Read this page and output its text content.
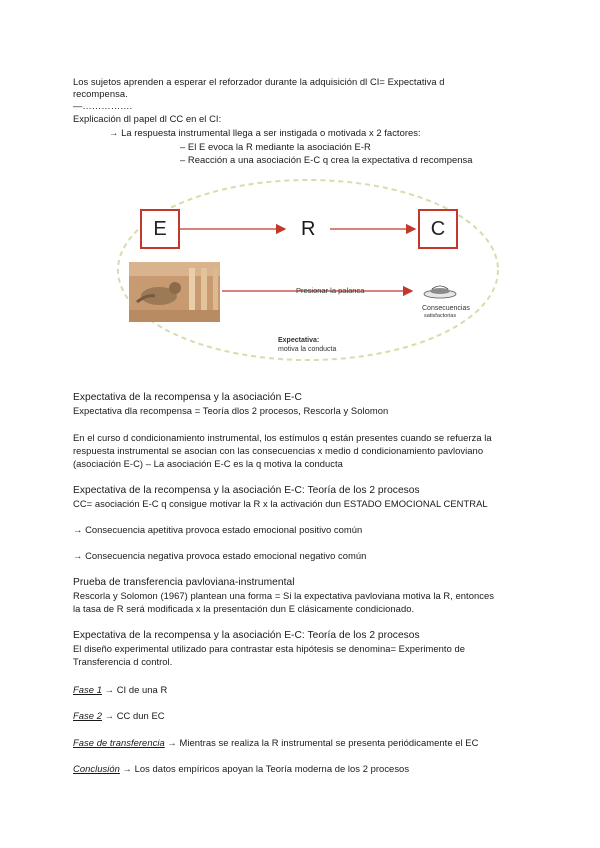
Los sujetos aprenden a esperar el reforzador durante la adquisición dl CI= Expectativa d
recompensa.
—…………….
Explicación dl papel dl CC en el CI:
→ La respuesta instrumental llega a ser instigada o motivada x 2 factores:
– El E evoca la R mediante la asociación E-R
– Reacción a una asociación E-C q crea la expectativa d recompensa
E	R	C
Presionar la palanca
Consecuencias
satisfactorias
Expectativa:
motiva la conducta
Expectativa de la recompensa y la asociación E-C
Expectativa dla recompensa = Teoría dlos 2 procesos, Rescorla y Solomon
En el curso d condicionamiento instrumental, los estímulos q están presentes cuando se refuerza la
respuesta instrumental se asocian con las consecuencias x medio d condicionamiento pavloviano
(asociación E-C) – La asociación E-C es la q motiva la conducta
Expectativa de la recompensa y la asociación E-C: Teoría de los 2 procesos
CC= asociación E-C q consigue motivar la R x la activación dun ESTADO EMOCIONAL CENTRAL
→ Consecuencia apetitiva provoca estado emocional positivo común
→ Consecuencia negativa provoca estado emocional negativo común
Prueba de transferencia pavloviana-instrumental
Rescorla y Solomon (1967) plantean una forma = Si la expectativa pavloviana motiva la R, entonces
la tasa de R será modificada x la presentación dun E clásicamente condicionado.
Expectativa de la recompensa y la asociación E-C: Teoría de los 2 procesos
El diseño experimental utilizado para contrastar esta hipótesis se denomina= Experimento de
Transferencia d control.
Fase 1 → CI de una R
Fase 2 → CC dun EC
Fase de transferencia → Mientras se realiza la R instrumental se presenta periódicamente el EC
Conclusión → Los datos empíricos apoyan la Teoría moderna de los 2 procesos
